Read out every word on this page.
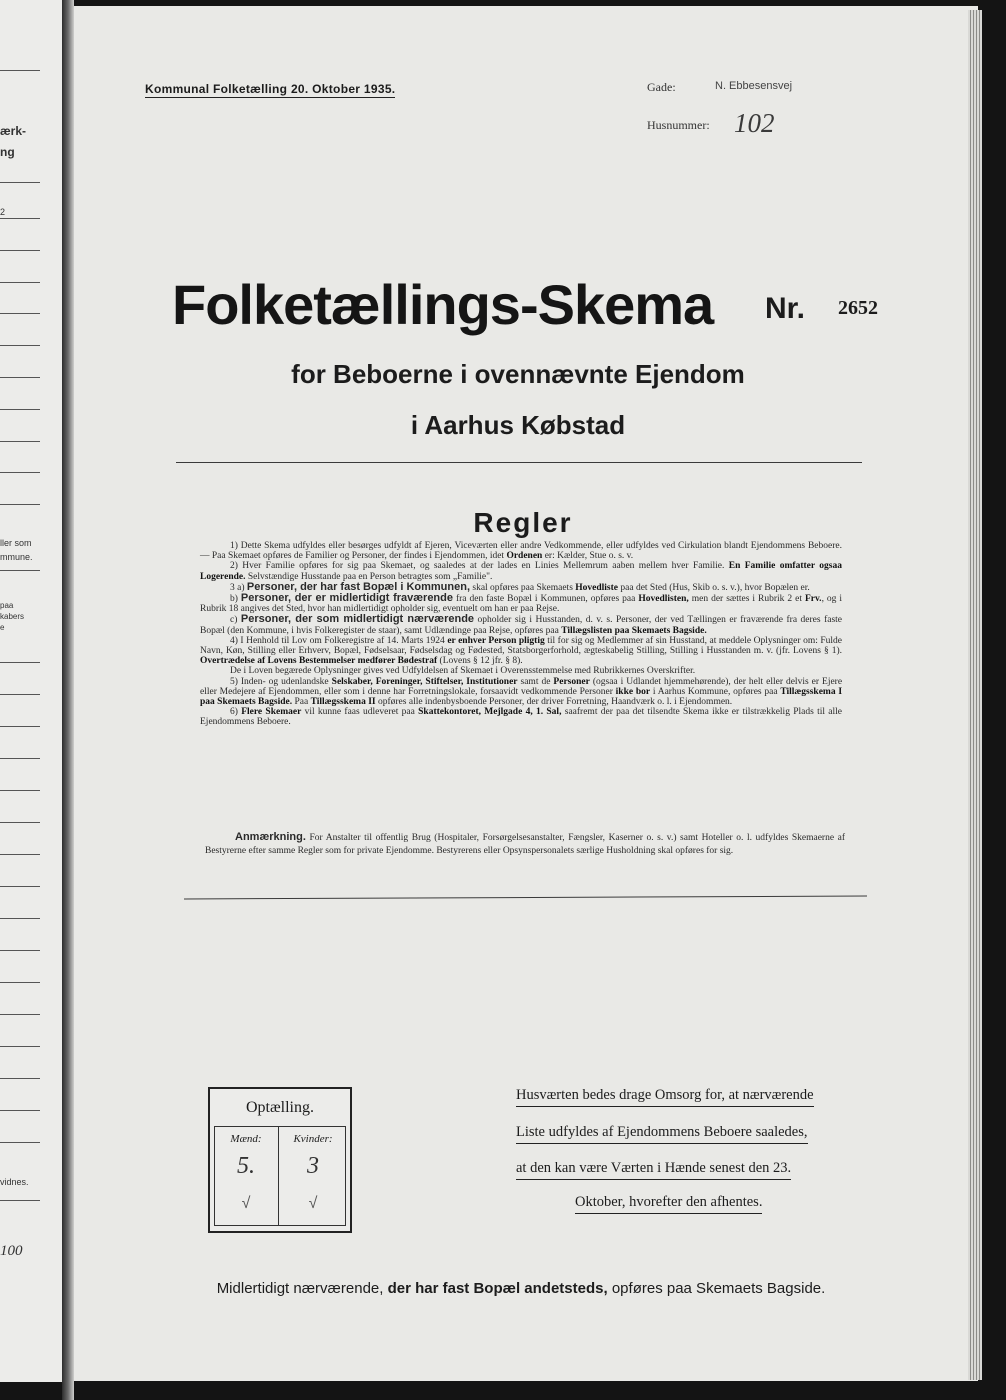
ærk-
ng
2
ller som
mmune.
paa
kabers
e
vidnes.
100
Kommunal Folketælling 20. Oktober 1935.	Gade:	N. Ebbesensvej
Husnummer: 102
Folketællings-Skema Nr. 2652
for Beboerne i ovennævnte Ejendom
i Aarhus Købstad
Regler

1) Dette Skema udfyldes eller besørges udfyldt af Ejeren, Viceværten eller andre Vedkommende, eller udfyldes ved Cirkulation blandt Ejendommens Beboere. — Paa Skemaet opføres de Familier og Personer, der findes i Ejendommen, idet Ordenen er: Kælder, Stue o. s. v.

2) Hver Familie opføres for sig paa Skemaet, og saaledes at der lades en Linies Mellemrum aaben mellem hver Familie. En Familie omfatter ogsaa Logerende. Selvstændige Husstande paa en Person betragtes som „Familie".

3 a) Personer, der har fast Bopæl i Kommunen, skal opføres paa Skemaets Hovedliste paa det Sted (Hus, Skib o. s. v.), hvor Bopælen er.

b) Personer, der er midlertidigt fraværende fra den faste Bopæl i Kommunen, opføres paa Hovedlisten, men der sættes i Rubrik 2 et Frv., og i Rubrik 18 angives det Sted, hvor han midlertidigt opholder sig, eventuelt om han er paa Rejse.

c) Personer, der som midlertidigt nærværende opholder sig i Husstanden, d. v. s. Personer, der ved Tællingen er fraværende fra deres faste Bopæl (den Kommune, i hvis Folkeregister de staar), samt Udlændinge paa Rejse, opføres paa Tillægslisten paa Skemaets Bagside.

4) I Henhold til Lov om Folkeregistre af 14. Marts 1924 er enhver Person pligtig til for sig og Medlemmer af sin Husstand, at meddele Oplysninger om: Fulde Navn, Køn, Stilling eller Erhverv, Bopæl, Fødselsaar, Fødselsdag og Fødested, Statsborgerforhold, ægteskabelig Stilling, Stilling i Husstanden m. v. (jfr. Lovens § 1). Overtrædelse af Lovens Bestemmelser medfører Bødestraf (Lovens § 12 jfr. § 8).

De i Loven begærede Oplysninger gives ved Udfyldelsen af Skemaet i Overensstemmelse med Rubrikkernes Overskrifter.

5) Inden- og udenlandske Selskaber, Foreninger, Stiftelser, Institutioner samt de Personer (ogsaa i Udlandet hjemmehørende), der helt eller delvis er Ejere eller Medejere af Ejendommen, eller som i denne har Forretningslokale, forsaavidt vedkommende Personer ikke bor i Aarhus Kommune, opføres paa Tillægsskema I paa Skemaets Bagside. Paa Tillægsskema II opføres alle indenbysboende Personer, der driver Forretning, Haandværk o. l. i Ejendommen.

6) Flere Skemaer vil kunne faas udleveret paa Skattekontoret, Mejlgade 4, 1. Sal, saafremt der paa det tilsendte Skema ikke er tilstrækkelig Plads til alle Ejendommens Beboere.

Anmærkning. For Anstalter til offentlig Brug (Hospitaler, Forsørgelsesanstalter, Fængsler, Kaserner o. s. v.) samt Hoteller o. l. udfyldes Skemaerne af Bestyrerne efter samme Regler som for private Ejendomme. Bestyrerens eller Opsynspersonalets særlige Husholdning skal opføres for sig.
Optælling.
Mænd:	Kvinder:
5.	3
√	√
Husværten bedes drage Omsorg for, at nærværende
Liste udfyldes af Ejendommens Beboere saaledes,
at den kan være Værten i Hænde senest den 23.
Oktober, hvorefter den afhentes.
Midlertidigt nærværende, der har fast Bopæl andetsteds, opføres paa Skemaets Bagside.
